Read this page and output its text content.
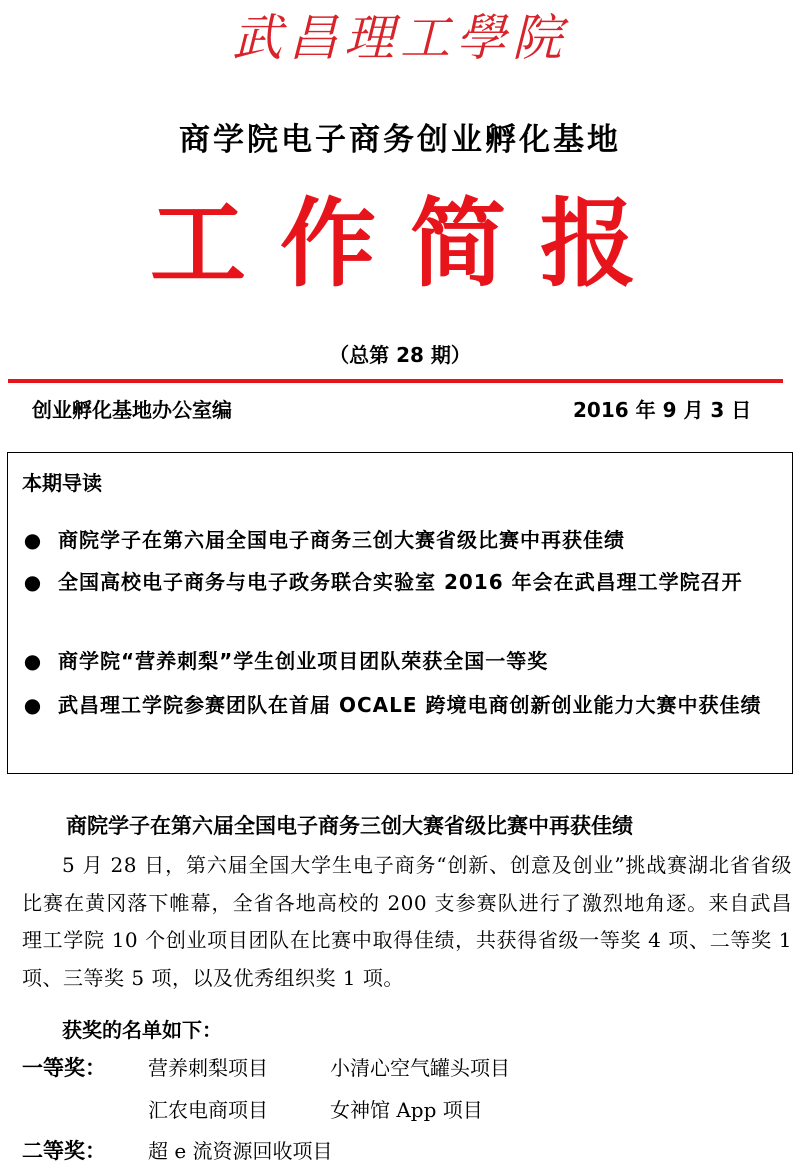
武昌理工學院
商学院电子商务创业孵化基地
工作简报
（总第 28 期）
创业孵化基地办公室编	2016 年 9 月 3 日
本期导读
● 商院学子在第六届全国电子商务三创大赛省级比赛中再获佳绩
● 全国高校电子商务与电子政务联合实验室 2016 年会在武昌理工学院召开
● 商学院“营养刺梨”学生创业项目团队荣获全国一等奖
● 武昌理工学院参赛团队在首届 OCALE 跨境电商创新创业能力大赛中获佳绩
商院学子在第六届全国电子商务三创大赛省级比赛中再获佳绩
5 月 28 日，第六届全国大学生电子商务“创新、创意及创业”挑战赛湖北省省级比赛在黄冈落下帷幕，全省各地高校的 200 支参赛队进行了激烈地角逐。来自武昌理工学院 10 个创业项目团队在比赛中取得佳绩，共获得省级一等奖 4 项、二等奖 1 项、三等奖 5 项，以及优秀组织奖 1 项。
获奖的名单如下：
一等奖： 营养刺梨项目	小清心空气罐头项目
汇农电商项目	女神馆 App 项目
二等奖： 超 e 流资源回收项目
